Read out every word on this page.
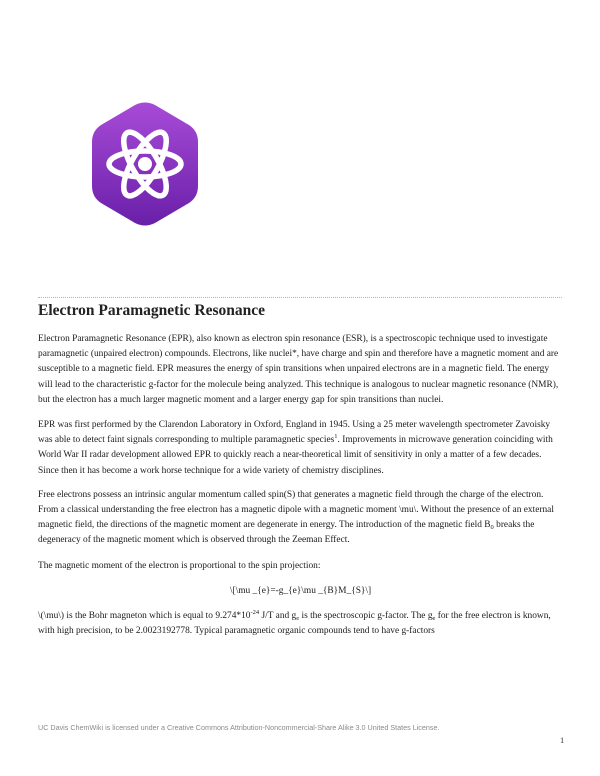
Electron Paramagnetic Resonance

Electron Paramagnetic Resonance (EPR), also known as electron spin resonance (ESR), is a spectroscopic technique used to investigate paramagnetic (unpaired electron) compounds. Electrons, like nuclei*, have charge and spin and therefore have a magnetic moment and are susceptible to a magnetic field. EPR measures the energy of spin transitions when unpaired electrons are in a magnetic field. The energy will lead to the characteristic g-factor for the molecule being analyzed. This technique is analogous to nuclear magnetic resonance (NMR), but the electron has a much larger magnetic moment and a larger energy gap for spin transitions than nuclei.

EPR was first performed by the Clarendon Laboratory in Oxford, England in 1945. Using a 25 meter wavelength spectrometer Zavoisky was able to detect faint signals corresponding to multiple paramagnetic species$^1$. Improvements in microwave generation coinciding with World War II radar development allowed EPR to quickly reach a near-theoretical limit of sensitivity in only a matter of a few decades. Since then it has become a work horse technique for a wide variety of chemistry disciplines.

Free electrons possess an intrinsic angular momentum called spin(S) that generates a magnetic field through the charge of the electron. From a classical understanding the free electron has a magnetic dipole with a magnetic moment \mu\. Without the presence of an external magnetic field, the directions of the magnetic moment are degenerate in energy. The introduction of the magnetic field $B_0$ breaks the degeneracy of the magnetic moment which is observed through the Zeeman Effect.

The magnetic moment of the electron is proportional to the spin projection:

\[\mu _{e}=-g_{e}\mu _{B}M_{S}\]

\(\mu\) is the Bohr magneton which is equal to $9.274*10^{-24}$ J/T and $g_e$ is the spectroscopic g-factor. The $g_e$ for the free electron is known, with high precision, to be 2.0023192778. Typical paramagnetic organic compounds tend to have g-factors

UC Davis ChemWiki is licensed under a Creative Commons Attribution-Noncommercial-Share Alike 3.0 United States License.
1
